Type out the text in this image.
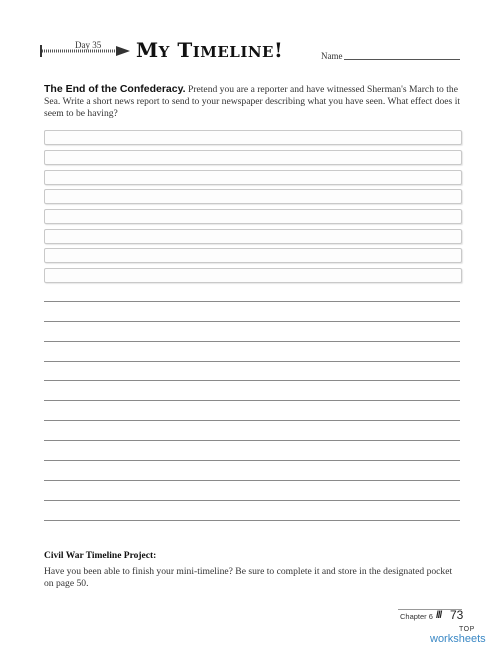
Day 35 MY TIMELINE!	Name
The End of the Confederacy. Pretend you are a reporter and have witnessed Sherman's March to the Sea. Write a short news report to send to your newspaper describing what you have seen. What effect does it seem to be having?
Civil War Timeline Project:
Have you been able to finish your mini-timeline? Be sure to complete it and store in the designated pocket on page 50.
Chapter 6 /// 73
TOP
worksheets
